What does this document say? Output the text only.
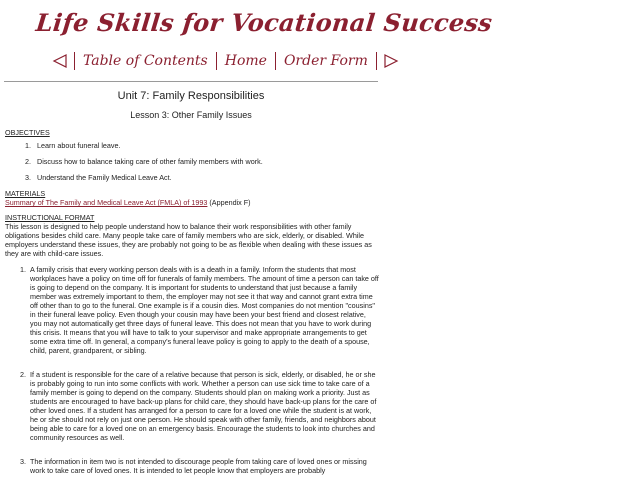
Life Skills for Vocational Success
Table of Contents Home Order Form
Unit 7: Family Responsibilities
Lesson 3: Other Family Issues
OBJECTIVES
1. Learn about funeral leave.
2. Discuss how to balance taking care of other family members with work.
3. Understand the Family Medical Leave Act.
MATERIALS
Summary of The Family and Medical Leave Act (FMLA) of 1993 (Appendix F)
INSTRUCTIONAL FORMAT

This lesson is designed to help people understand how to balance their work responsibilities with other family obligations besides child care. Many people take care of family members who are sick, elderly, or disabled. While employers understand these issues, they are probably not going to be as flexible when dealing with these issues as they are with child-care issues.

1. A family crisis that every working person deals with is a death in a family. Inform the students that most workplaces have a policy on time off for funerals of family members. The amount of time a person can take off is going to depend on the company. It is important for students to understand that just because a family member was extremely important to them, the employer may not see it that way and cannot grant extra time off other than to go to the funeral. One example is if a cousin dies. Most companies do not mention "cousins" in their funeral leave policy. Even though your cousin may have been your best friend and closest relative, you may not automatically get three days of funeral leave. This does not mean that you have to work during this crisis. It means that you will have to talk to your supervisor and make appropriate arrangements to get some extra time off. In general, a company's funeral leave policy is going to apply to the death of a spouse, child, parent, grandparent, or sibling.
2. If a student is responsible for the care of a relative because that person is sick, elderly, or disabled, he or she is probably going to run into some conflicts with work. Whether a person can use sick time to take care of a family member is going to depend on the company. Students should plan on making work a priority. Just as students are encouraged to have back-up plans for child care, they should have back-up plans for the care of other loved ones. If a student has arranged for a person to care for a loved one while the student is at work, he or she should not rely on just one person. He should speak with other family, friends, and neighbors about being able to care for a loved one on an emergency basis. Encourage the students to look into churches and community resources as well.
3. The information in item two is not intended to discourage people from taking care of loved ones or missing work to take care of loved ones. It is intended to let people know that employers are probably
